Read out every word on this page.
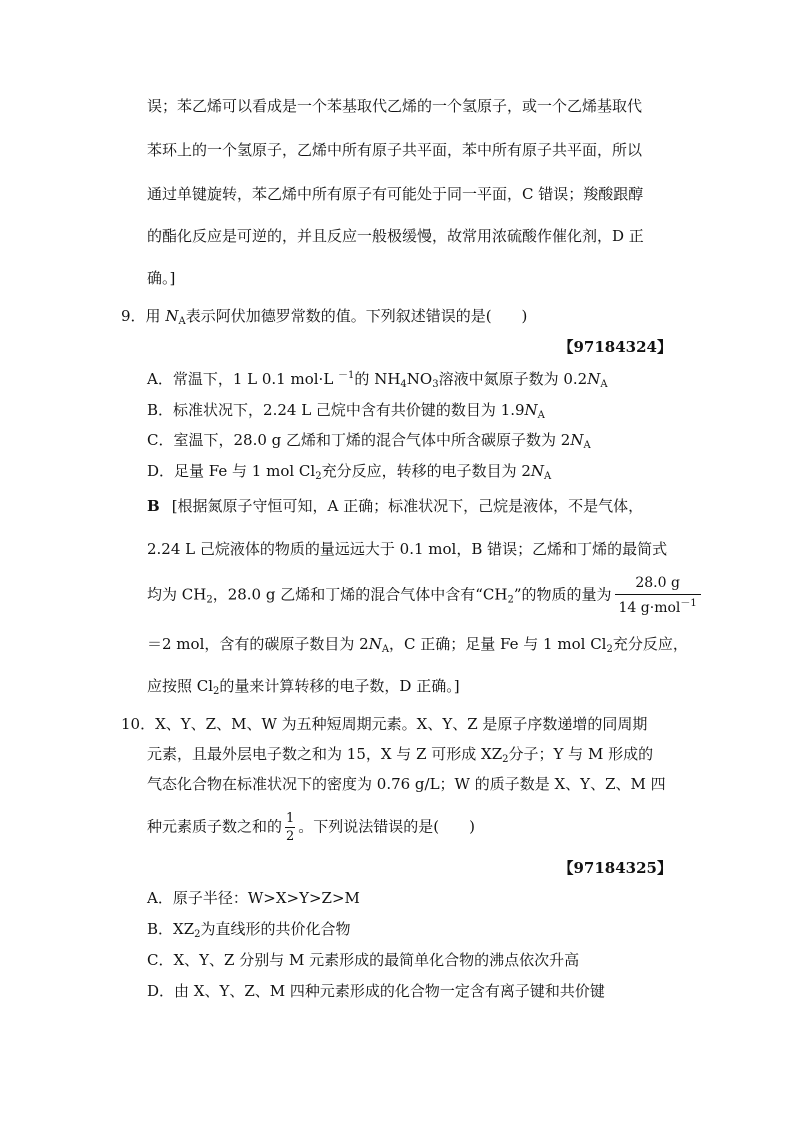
误；苯乙烯可以看成是一个苯基取代乙烯的一个氢原子，或一个乙烯基取代
苯环上的一个氢原子，乙烯中所有原子共平面，苯中所有原子共平面，所以
通过单键旋转，苯乙烯中所有原子有可能处于同一平面，C 错误；羧酸跟醇
的酯化反应是可逆的，并且反应一般极缓慢，故常用浓硫酸作催化剂，D 正
确。]
9．用 $N_A$表示阿伏加德罗常数的值。下列叙述错误的是(　　)
【97184324】
A．常温下，1 L 0.1 mol·L $^{-1}$的 $NH_4NO_3$溶液中氮原子数为 $0.2N_A$
B．标准状况下，2.24 L 己烷中含有共价键的数目为 $1.9N_A$
C．室温下，28.0 g 乙烯和丁烯的混合气体中所含碳原子数为 $2N_A$
D．足量 Fe 与 1 mol $Cl_2$充分反应，转移的电子数目为 $2N_A$
B [根据氮原子守恒可知，A 正确；标准状况下，己烷是液体，不是气体，
2.24 L 己烷液体的物质的量远远大于 0.1 mol，B 错误；乙烯和丁烯的最简式
均为 $CH_2$，28.0 g 乙烯和丁烯的混合气体中含有“$CH_2$”的物质的量为 $\frac{28.0 g}{14 g\cdot mol^{-1}}$
＝2 mol，含有的碳原子数目为 $2N_A$，C 正确；足量 Fe 与 1 mol $Cl_2$充分反应，
应按照 $Cl_2$的量来计算转移的电子数，D 正确。]
10．X、Y、Z、M、W 为五种短周期元素。X、Y、Z 是原子序数递增的同周期
元素，且最外层电子数之和为 15，X 与 Z 可形成 $XZ_2$分子；Y 与 M 形成的
气态化合物在标准状况下的密度为 0.76 g/L；W 的质子数是 X、Y、Z、M 四
种元素质子数之和的 $\frac{1}{2}$ 。下列说法错误的是(　　)
【97184325】
A．原子半径：W>X>Y>Z>M
B．$XZ_2$为直线形的共价化合物
C．X、Y、Z 分别与 M 元素形成的最简单化合物的沸点依次升高
D．由 X、Y、Z、M 四种元素形成的化合物一定含有离子键和共价键
